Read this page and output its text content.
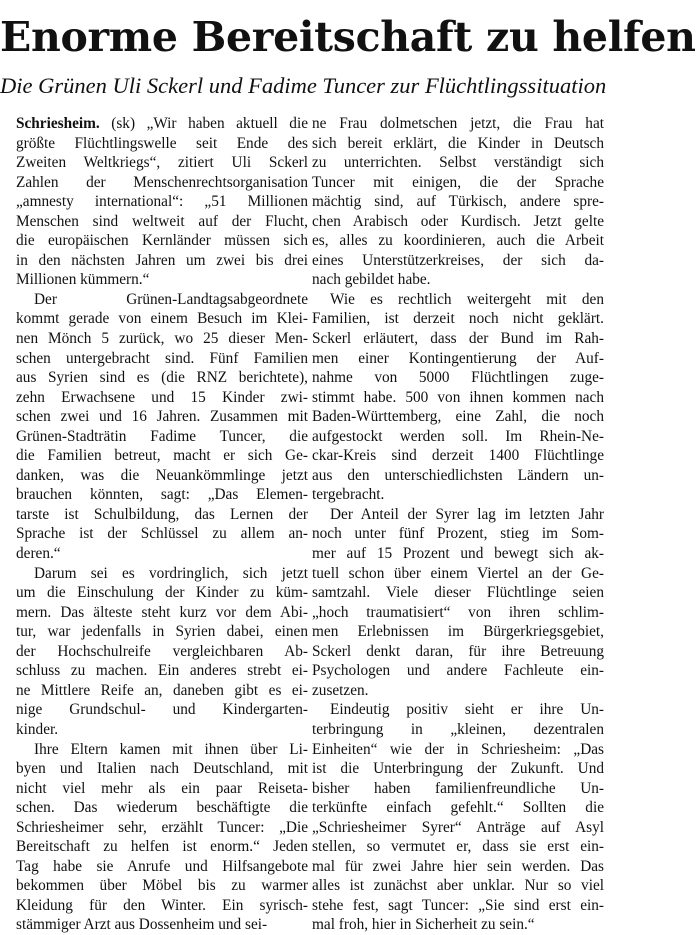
Enorme Bereitschaft zu helfen
Die Grünen Uli Sckerl und Fadime Tuncer zur Flüchtlingssituation
Schriesheim. (sk) „Wir haben aktuell die
größte Flüchtlingswelle seit Ende des
Zweiten Weltkriegs“, zitiert Uli Sckerl
Zahlen der Menschenrechtsorganisation
„amnesty international“: „51 Millionen
Menschen sind weltweit auf der Flucht,
die europäischen Kernländer müssen sich
in den nächsten Jahren um zwei bis drei
Millionen kümmern.“
Der Grünen-Landtagsabgeordnete
kommt gerade von einem Besuch im Klei-
nen Mönch 5 zurück, wo 25 dieser Men-
schen untergebracht sind. Fünf Familien
aus Syrien sind es (die RNZ berichtete),
zehn Erwachsene und 15 Kinder zwi-
schen zwei und 16 Jahren. Zusammen mit
Grünen-Stadträtin Fadime Tuncer, die
die Familien betreut, macht er sich Ge-
danken, was die Neuankömmlinge jetzt
brauchen könnten, sagt: „Das Elemen-
tarste ist Schulbildung, das Lernen der
Sprache ist der Schlüssel zu allem an-
deren.“
Darum sei es vordringlich, sich jetzt
um die Einschulung der Kinder zu küm-
mern. Das älteste steht kurz vor dem Abi-
tur, war jedenfalls in Syrien dabei, einen
der Hochschulreife vergleichbaren Ab-
schluss zu machen. Ein anderes strebt ei-
ne Mittlere Reife an, daneben gibt es ei-
nige Grundschul- und Kindergarten-
kinder.
Ihre Eltern kamen mit ihnen über Li-
byen und Italien nach Deutschland, mit
nicht viel mehr als ein paar Reiseta-
schen. Das wiederum beschäftigte die
Schriesheimer sehr, erzählt Tuncer: „Die
Bereitschaft zu helfen ist enorm.“ Jeden
Tag habe sie Anrufe und Hilfsangebote
bekommen über Möbel bis zu warmer
Kleidung für den Winter. Ein syrisch-
stämmiger Arzt aus Dossenheim und sei-
ne Frau dolmetschen jetzt, die Frau hat
sich bereit erklärt, die Kinder in Deutsch
zu unterrichten. Selbst verständigt sich
Tuncer mit einigen, die der Sprache
mächtig sind, auf Türkisch, andere spre-
chen Arabisch oder Kurdisch. Jetzt gelte
es, alles zu koordinieren, auch die Arbeit
eines Unterstützerkreises, der sich da-
nach gebildet habe.
Wie es rechtlich weitergeht mit den
Familien, ist derzeit noch nicht geklärt.
Sckerl erläutert, dass der Bund im Rah-
men einer Kontingentierung der Auf-
nahme von 5000 Flüchtlingen zuge-
stimmt habe. 500 von ihnen kommen nach
Baden-Württemberg, eine Zahl, die noch
aufgestockt werden soll. Im Rhein-Ne-
ckar-Kreis sind derzeit 1400 Flüchtlinge
aus den unterschiedlichsten Ländern un-
tergebracht.
Der Anteil der Syrer lag im letzten Jahr
noch unter fünf Prozent, stieg im Som-
mer auf 15 Prozent und bewegt sich ak-
tuell schon über einem Viertel an der Ge-
samtzahl. Viele dieser Flüchtlinge seien
„hoch traumatisiert“ von ihren schlim-
men Erlebnissen im Bürgerkriegsgebiet,
Sckerl denkt daran, für ihre Betreuung
Psychologen und andere Fachleute ein-
zusetzen.
Eindeutig positiv sieht er ihre Un-
terbringung in „kleinen, dezentralen
Einheiten“ wie der in Schriesheim: „Das
ist die Unterbringung der Zukunft. Und
bisher haben familienfreundliche Un-
terkünfte einfach gefehlt.“ Sollten die
„Schriesheimer Syrer“ Anträge auf Asyl
stellen, so vermutet er, dass sie erst ein-
mal für zwei Jahre hier sein werden. Das
alles ist zunächst aber unklar. Nur so viel
stehe fest, sagt Tuncer: „Sie sind erst ein-
mal froh, hier in Sicherheit zu sein.“
